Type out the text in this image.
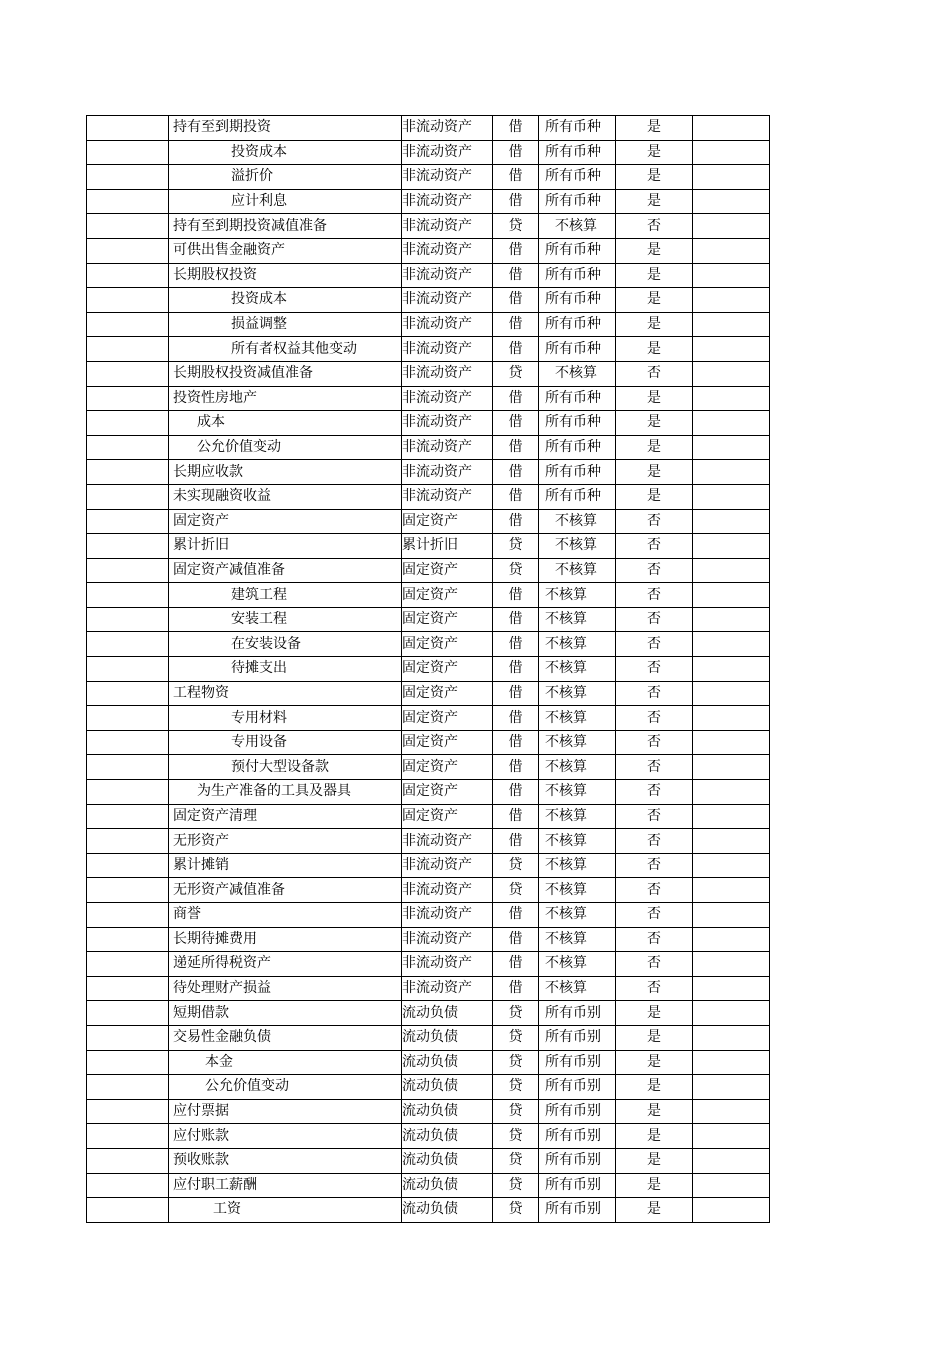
	持有至到期投资	非流动资产	借	所有币种	是	
	投资成本	非流动资产	借	所有币种	是	
	溢折价	非流动资产	借	所有币种	是	
	应计利息	非流动资产	借	所有币种	是	
	持有至到期投资减值准备	非流动资产	贷	不核算	否	
	可供出售金融资产	非流动资产	借	所有币种	是	
	长期股权投资	非流动资产	借	所有币种	是	
	投资成本	非流动资产	借	所有币种	是	
	损益调整	非流动资产	借	所有币种	是	
	所有者权益其他变动	非流动资产	借	所有币种	是	
	长期股权投资减值准备	非流动资产	贷	不核算	否	
	投资性房地产	非流动资产	借	所有币种	是	
	成本	非流动资产	借	所有币种	是	
	公允价值变动	非流动资产	借	所有币种	是	
	长期应收款	非流动资产	借	所有币种	是	
	未实现融资收益	非流动资产	借	所有币种	是	
	固定资产	固定资产	借	不核算	否	
	累计折旧	累计折旧	贷	不核算	否	
	固定资产减值准备	固定资产	贷	不核算	否	
	建筑工程	固定资产	借	不核算	否	
	安装工程	固定资产	借	不核算	否	
	在安装设备	固定资产	借	不核算	否	
	待摊支出	固定资产	借	不核算	否	
	工程物资	固定资产	借	不核算	否	
	专用材料	固定资产	借	不核算	否	
	专用设备	固定资产	借	不核算	否	
	预付大型设备款	固定资产	借	不核算	否	
	为生产准备的工具及器具	固定资产	借	不核算	否	
	固定资产清理	固定资产	借	不核算	否	
	无形资产	非流动资产	借	不核算	否	
	累计摊销	非流动资产	贷	不核算	否	
	无形资产减值准备	非流动资产	贷	不核算	否	
	商誉	非流动资产	借	不核算	否	
	长期待摊费用	非流动资产	借	不核算	否	
	递延所得税资产	非流动资产	借	不核算	否	
	待处理财产损益	非流动资产	借	不核算	否	
	短期借款	流动负债	贷	所有币别	是	
	交易性金融负债	流动负债	贷	所有币别	是	
	本金	流动负债	贷	所有币别	是	
	公允价值变动	流动负债	贷	所有币别	是	
	应付票据	流动负债	贷	所有币别	是	
	应付账款	流动负债	贷	所有币别	是	
	预收账款	流动负债	贷	所有币别	是	
	应付职工薪酬	流动负债	贷	所有币别	是	
	工资	流动负债	贷	所有币别	是	
